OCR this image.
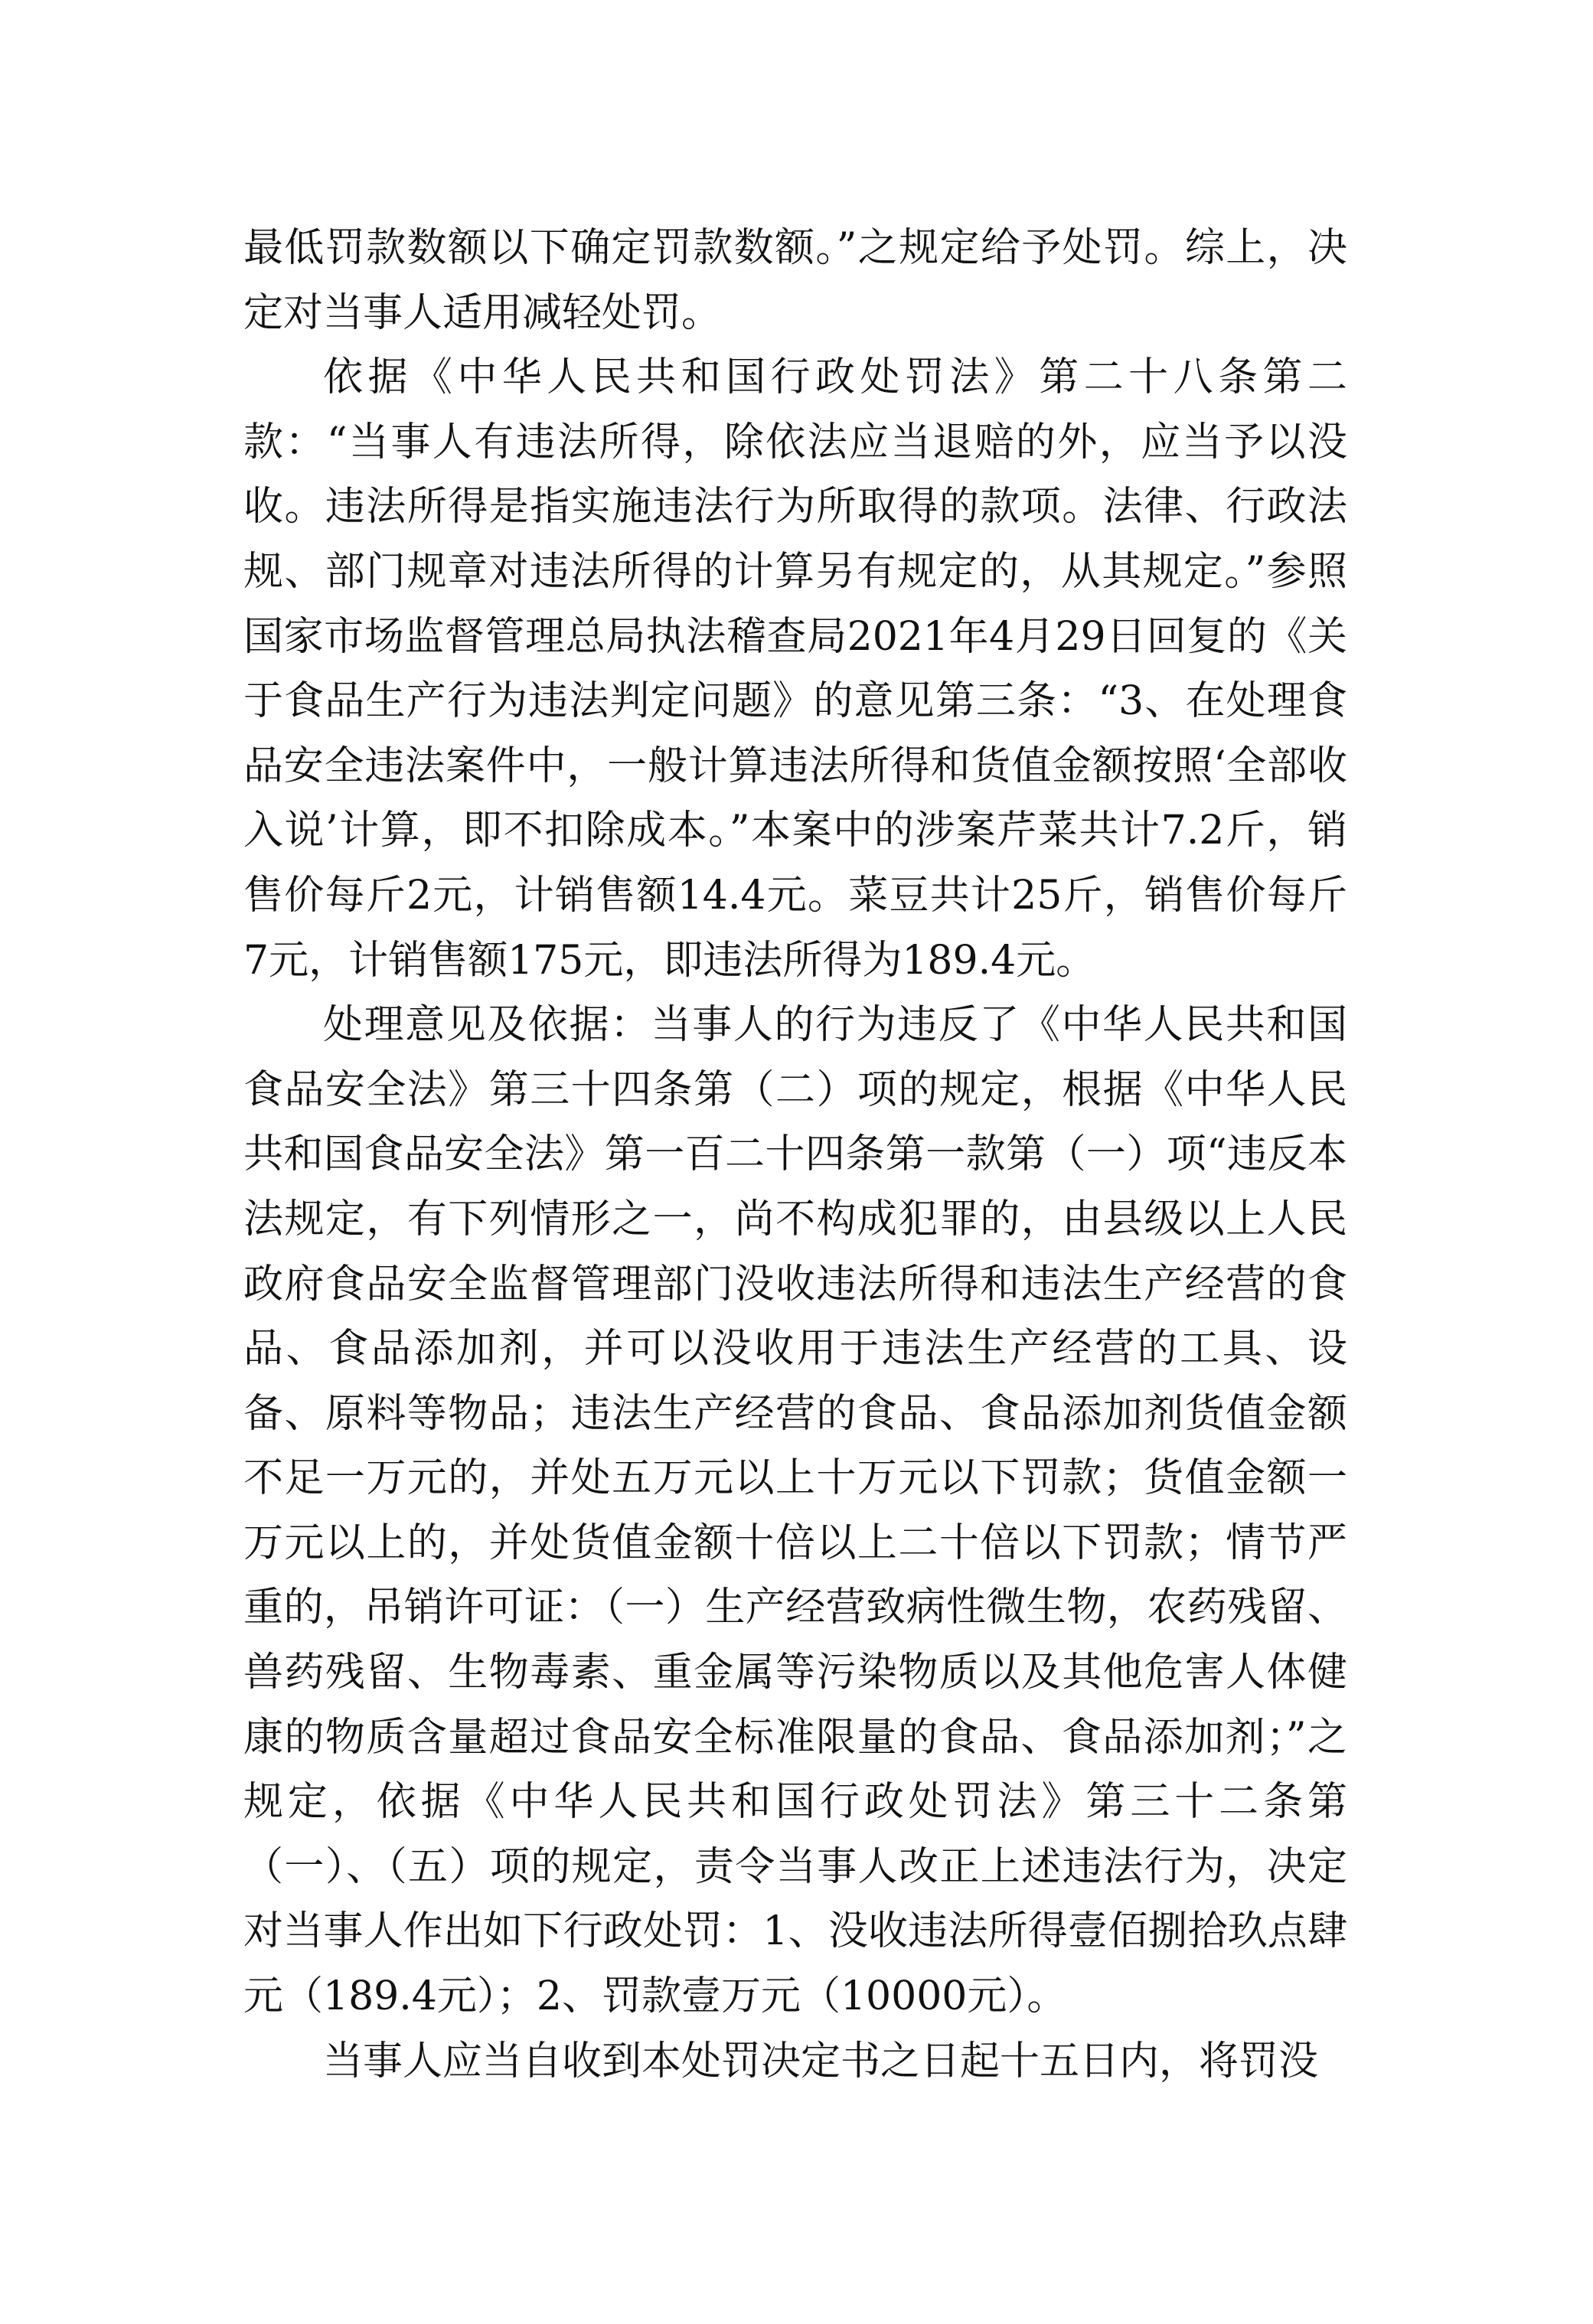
最低罚款数额以下确定罚款数额。”之规定给予处罚。综上，决定对当事人适用减轻处罚。

依据《中华人民共和国行政处罚法》第二十八条第二款：“当事人有违法所得，除依法应当退赔的外，应当予以没收。违法所得是指实施违法行为所取得的款项。法律、行政法规、部门规章对违法所得的计算另有规定的，从其规定。”参照国家市场监督管理总局执法稽查局2021年4月29日回复的《关于食品生产行为违法判定问题》的意见第三条：“3、在处理食品安全违法案件中，一般计算违法所得和货值金额按照‘全部收入说’计算，即不扣除成本。”本案中的涉案芹菜共计7.2斤，销售价每斤2元，计销售额14.4元。菜豆共计25斤，销售价每斤7元，计销售额175元，即违法所得为189.4元。

处理意见及依据：当事人的行为违反了《中华人民共和国食品安全法》第三十四条第（二）项的规定，根据《中华人民共和国食品安全法》第一百二十四条第一款第（一）项“违反本法规定，有下列情形之一，尚不构成犯罪的，由县级以上人民政府食品安全监督管理部门没收违法所得和违法生产经营的食品、食品添加剂，并可以没收用于违法生产经营的工具、设备、原料等物品；违法生产经营的食品、食品添加剂货值金额不足一万元的，并处五万元以上十万元以下罚款；货值金额一万元以上的，并处货值金额十倍以上二十倍以下罚款；情节严重的，吊销许可证：（一）生产经营致病性微生物，农药残留、兽药残留、生物毒素、重金属等污染物质以及其他危害人体健康的物质含量超过食品安全标准限量的食品、食品添加剂；”之规定，依据《中华人民共和国行政处罚法》第三十二条第（一）、（五）项的规定，责令当事人改正上述违法行为，决定对当事人作出如下行政处罚：1、没收违法所得壹佰捌拾玖点肆元（189.4元）；2、罚款壹万元（10000元）。

当事人应当自收到本处罚决定书之日起十五日内，将罚没
